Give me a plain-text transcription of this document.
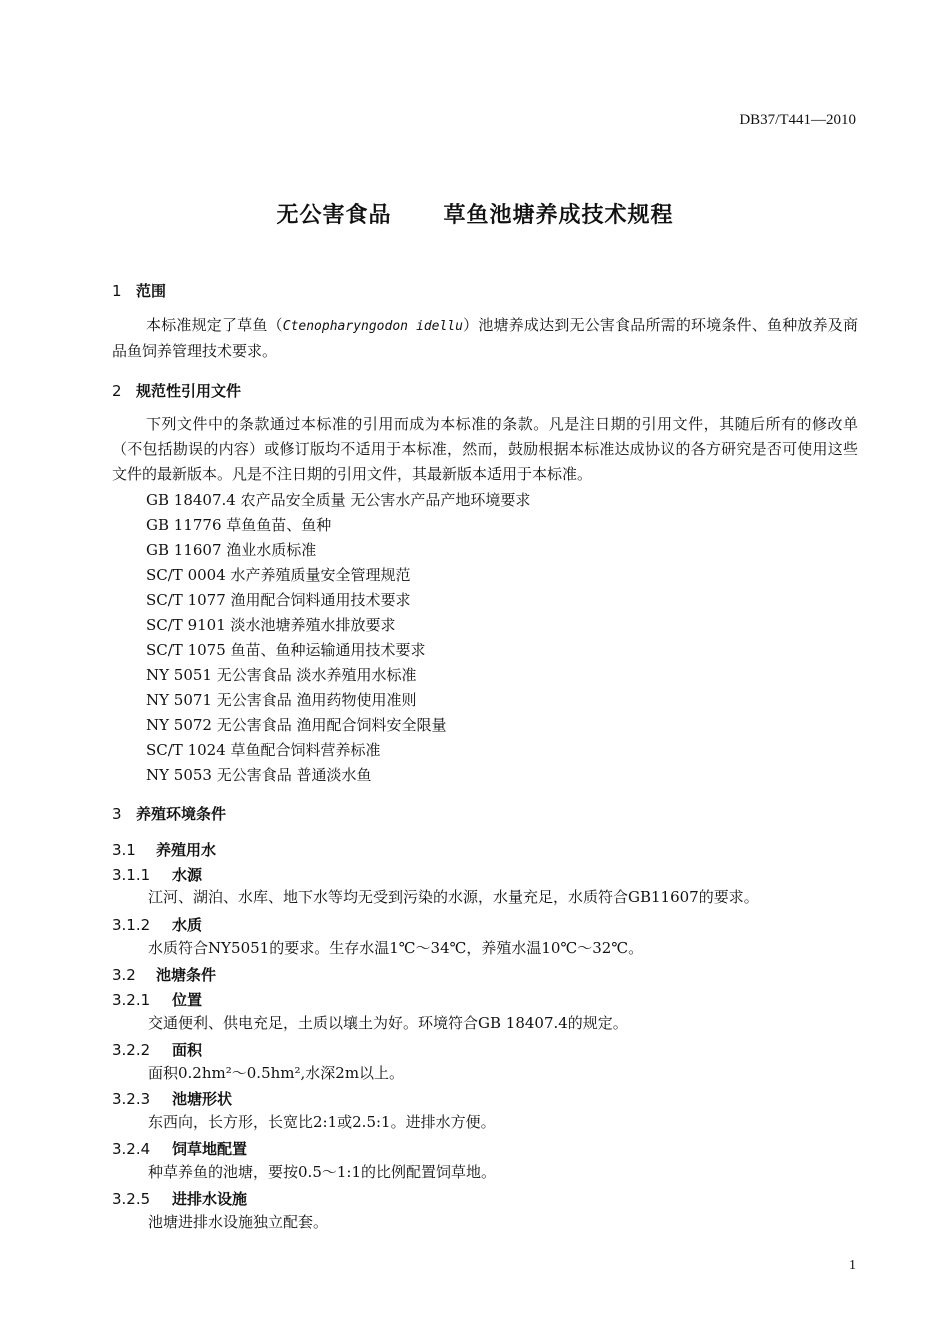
DB37/T441—2010
无公害食品 草鱼池塘养成技术规程
1 范围
本标准规定了草鱼（Ctenopharyngodon idellu）池塘养成达到无公害食品所需的环境条件、鱼种放养及商品鱼饲养管理技术要求。
2 规范性引用文件
下列文件中的条款通过本标准的引用而成为本标准的条款。凡是注日期的引用文件，其随后所有的修改单（不包括勘误的内容）或修订版均不适用于本标准，然而，鼓励根据本标准达成协议的各方研究是否可使用这些文件的最新版本。凡是不注日期的引用文件，其最新版本适用于本标准。
GB 18407.4 农产品安全质量 无公害水产品产地环境要求
GB 11776 草鱼鱼苗、鱼种
GB 11607 渔业水质标准
SC/T 0004 水产养殖质量安全管理规范
SC/T 1077 渔用配合饲料通用技术要求
SC/T 9101 淡水池塘养殖水排放要求
SC/T 1075 鱼苗、鱼种运输通用技术要求
NY 5051 无公害食品 淡水养殖用水标准
NY 5071 无公害食品 渔用药物使用准则
NY 5072 无公害食品 渔用配合饲料安全限量
SC/T 1024 草鱼配合饲料营养标准
NY 5053 无公害食品 普通淡水鱼
3 养殖环境条件
3.1 养殖用水
3.1.1 水源
江河、湖泊、水库、地下水等均无受到污染的水源，水量充足，水质符合GB11607的要求。
3.1.2 水质
水质符合NY5051的要求。生存水温1℃～34℃，养殖水温10℃～32℃。
3.2 池塘条件
3.2.1 位置
交通便利、供电充足，土质以壤土为好。环境符合GB 18407.4的规定。
3.2.2 面积
面积0.2hm²～0.5hm²,水深2m以上。
3.2.3 池塘形状
东西向，长方形，长宽比2:1或2.5:1。进排水方便。
3.2.4 饲草地配置
种草养鱼的池塘，要按0.5～1:1的比例配置饲草地。
3.2.5 进排水设施
池塘进排水设施独立配套。
1
